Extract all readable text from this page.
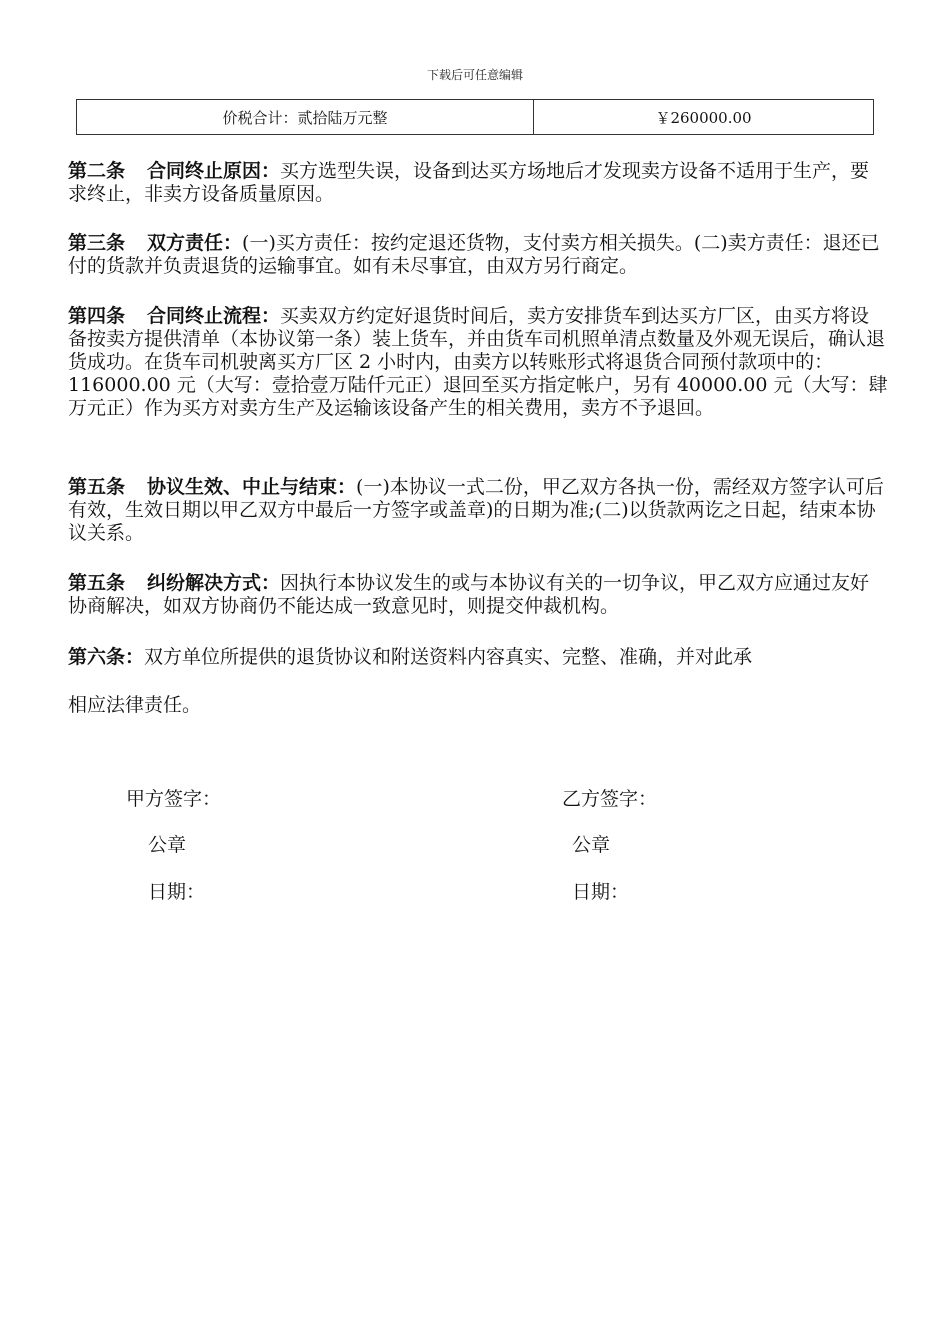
下载后可任意编辑
价税合计：贰拾陆万元整	￥260000.00

第二条 合同终止原因：买方选型失误，设备到达买方场地后才发现卖方设备不适用于生产，要求终止，非卖方设备质量原因。

第三条 双方责任：(一)买方责任：按约定退还货物，支付卖方相关损失。(二)卖方责任：退还已付的货款并负责退货的运输事宜。如有未尽事宜，由双方另行商定。

第四条 合同终止流程：买卖双方约定好退货时间后，卖方安排货车到达买方厂区，由买方将设备按卖方提供清单（本协议第一条）装上货车，并由货车司机照单清点数量及外观无误后，确认退货成功。在货车司机驶离买方厂区 2 小时内，由卖方以转账形式将退货合同预付款项中的：116000.00 元（大写：壹拾壹万陆仟元正）退回至买方指定帐户，另有 40000.00 元（大写：肆万元正）作为买方对卖方生产及运输该设备产生的相关费用，卖方不予退回。

第五条 协议生效、中止与结束：(一)本协议一式二份，甲乙双方各执一份，需经双方签字认可后有效，生效日期以甲乙双方中最后一方签字或盖章)的日期为准;(二)以货款两讫之日起，结束本协议关系。

第五条 纠纷解决方式：因执行本协议发生的或与本协议有关的一切争议，甲乙双方应通过友好协商解决，如双方协商仍不能达成一致意见时，则提交仲裁机构。

第六条：双方单位所提供的退货协议和附送资料内容真实、完整、准确，并对此承

相应法律责任。

甲方签字：
公章
日期：
乙方签字：
公章
日期：
